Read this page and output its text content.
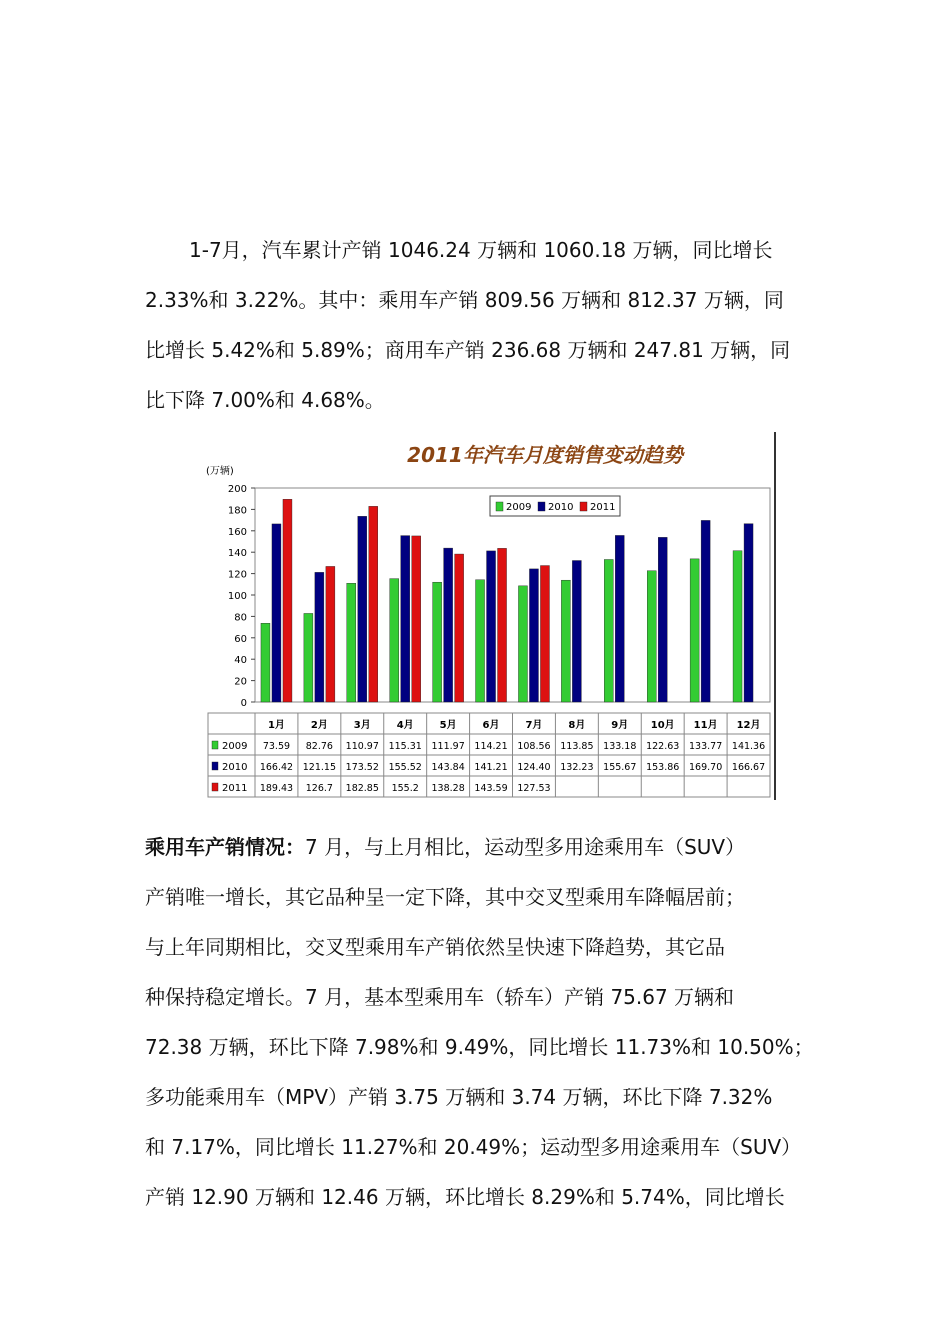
1-7月，汽车累计产销 1046.24 万辆和 1060.18 万辆，同比增长
2.33%和 3.22%。其中：乘用车产销 809.56 万辆和 812.37 万辆，同
比增长 5.42%和 5.89%；商用车产销 236.68 万辆和 247.81 万辆，同
比下降 7.00%和 4.68%。
2011年汽车月度销售变动趋势
(万辆)
0
20
40
60
80
100
120
140
160
180
200
2009 2010 2011
1月	2月	3月	4月	5月	6月	7月	8月	9月 10月 11月 12月
2009 73.59 82.76 110.97 115.31 111.97 114.21 108.56 113.85 133.18 122.63 133.77 141.36
2010 166.42 121.15 173.52 155.52 143.84 141.21 124.40 132.23 155.67 153.86 169.70 166.67
2011 189.43 126.7 182.85 155.2 138.28 143.59 127.53
乘用车产销情况：7 月，与上月相比，运动型多用途乘用车（SUV）
产销唯一增长，其它品种呈一定下降，其中交叉型乘用车降幅居前；
与上年同期相比，交叉型乘用车产销依然呈快速下降趋势，其它品
种保持稳定增长。7 月，基本型乘用车（轿车）产销 75.67 万辆和
72.38 万辆，环比下降 7.98%和 9.49%，同比增长 11.73%和 10.50%；
多功能乘用车（MPV）产销 3.75 万辆和 3.74 万辆，环比下降 7.32%
和 7.17%，同比增长 11.27%和 20.49%；运动型多用途乘用车（SUV）
产销 12.90 万辆和 12.46 万辆，环比增长 8.29%和 5.74%，同比增长
